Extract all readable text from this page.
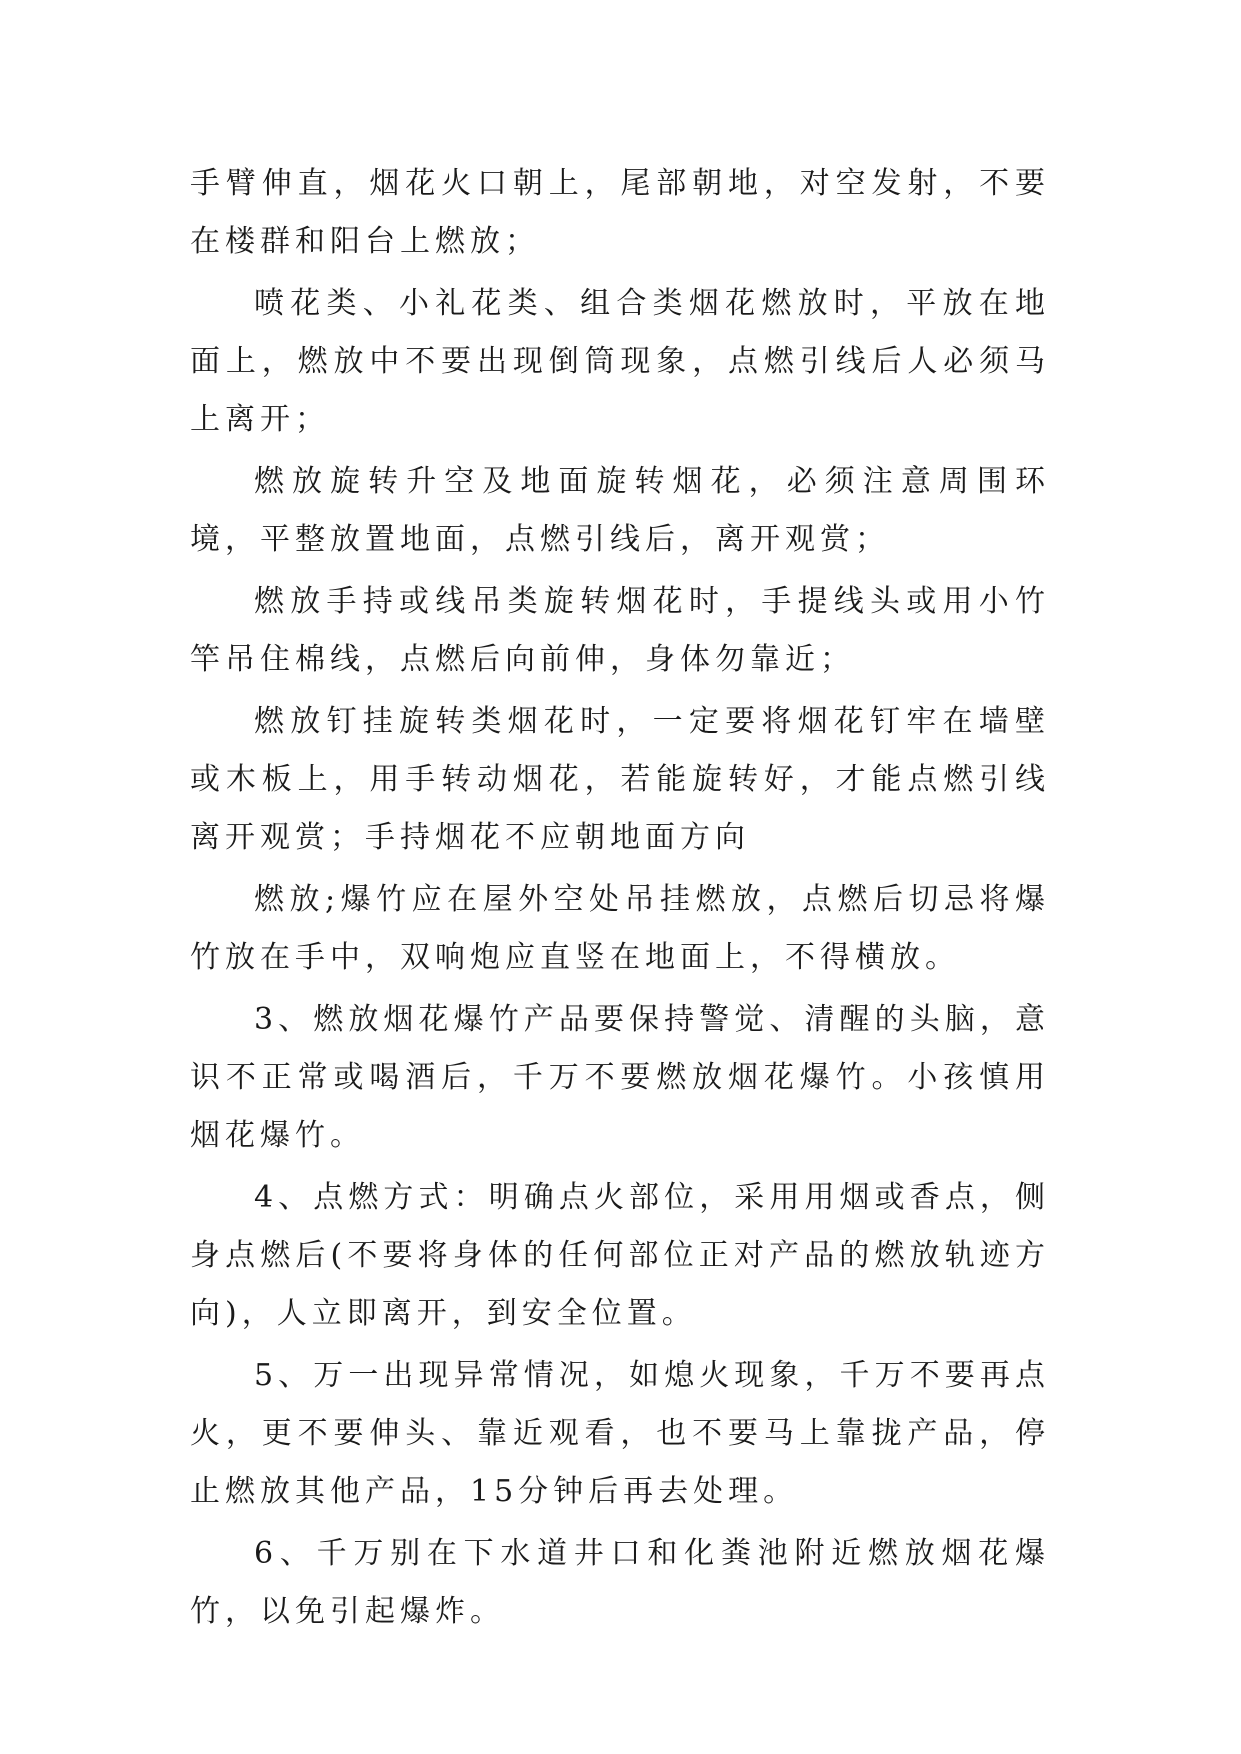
手臂伸直，烟花火口朝上，尾部朝地，对空发射，不要在楼群和阳台上燃放；

喷花类、小礼花类、组合类烟花燃放时，平放在地面上，燃放中不要出现倒筒现象，点燃引线后人必须马上离开；

燃放旋转升空及地面旋转烟花，必须注意周围环境，平整放置地面，点燃引线后，离开观赏；

燃放手持或线吊类旋转烟花时，手提线头或用小竹竿吊住棉线，点燃后向前伸，身体勿靠近；

燃放钉挂旋转类烟花时，一定要将烟花钉牢在墙壁或木板上，用手转动烟花，若能旋转好，才能点燃引线离开观赏；手持烟花不应朝地面方向

燃放;爆竹应在屋外空处吊挂燃放，点燃后切忌将爆竹放在手中，双响炮应直竖在地面上，不得横放。

3、燃放烟花爆竹产品要保持警觉、清醒的头脑，意识不正常或喝酒后，千万不要燃放烟花爆竹。小孩慎用烟花爆竹。

4、点燃方式：明确点火部位，采用用烟或香点，侧身点燃后(不要将身体的任何部位正对产品的燃放轨迹方向)，人立即离开，到安全位置。

5、万一出现异常情况，如熄火现象，千万不要再点火，更不要伸头、靠近观看，也不要马上靠拢产品，停止燃放其他产品，15分钟后再去处理。

6、千万别在下水道井口和化粪池附近燃放烟花爆竹，以免引起爆炸。
